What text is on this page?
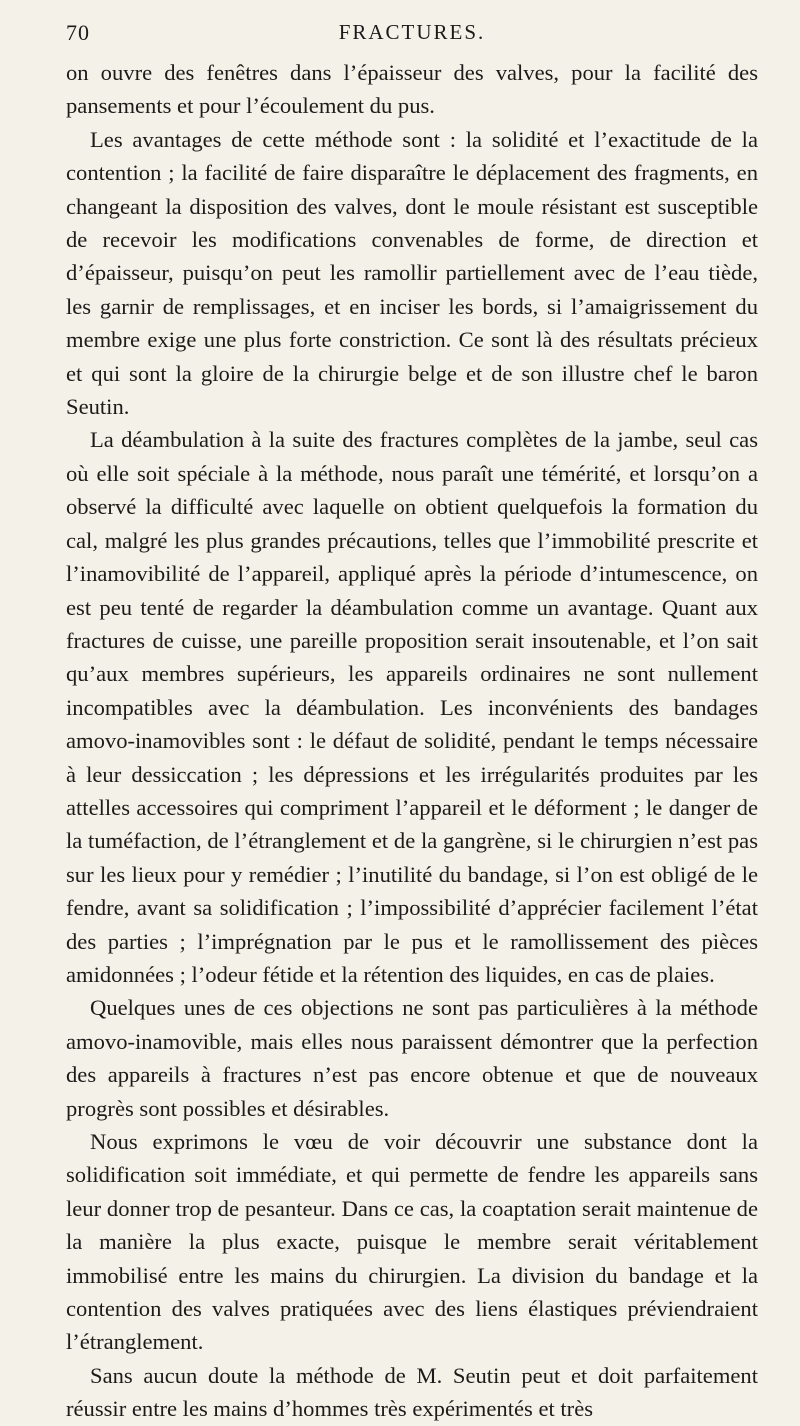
70	FRACTURES.

on ouvre des fenêtres dans l’épaisseur des valves, pour la facilité des pansements et pour l’écoulement du pus.

Les avantages de cette méthode sont : la solidité et l’exactitude de la contention ; la facilité de faire disparaître le déplacement des fragments, en changeant la disposition des valves, dont le moule résistant est susceptible de recevoir les modifications convenables de forme, de direction et d’épaisseur, puisqu’on peut les ramollir partiellement avec de l’eau tiède, les garnir de remplissages, et en inciser les bords, si l’amaigrissement du membre exige une plus forte constriction. Ce sont là des résultats précieux et qui sont la gloire de la chirurgie belge et de son illustre chef le baron Seutin.

La déambulation à la suite des fractures complètes de la jambe, seul cas où elle soit spéciale à la méthode, nous paraît une témérité, et lorsqu’on a observé la difficulté avec laquelle on obtient quelquefois la formation du cal, malgré les plus grandes précautions, telles que l’immobilité prescrite et l’inamovibilité de l’appareil, appliqué après la période d’intumescence, on est peu tenté de regarder la déambulation comme un avantage. Quant aux fractures de cuisse, une pareille proposition serait insoutenable, et l’on sait qu’aux membres supérieurs, les appareils ordinaires ne sont nullement incompatibles avec la déambulation. Les inconvénients des bandages amovo-inamovibles sont : le défaut de solidité, pendant le temps nécessaire à leur dessiccation ; les dépressions et les irrégularités produites par les attelles accessoires qui compriment l’appareil et le déforment ; le danger de la tuméfaction, de l’étranglement et de la gangrène, si le chirurgien n’est pas sur les lieux pour y remédier ; l’inutilité du bandage, si l’on est obligé de le fendre, avant sa solidification ; l’impossibilité d’apprécier facilement l’état des parties ; l’imprégnation par le pus et le ramollissement des pièces amidonnées ; l’odeur fétide et la rétention des liquides, en cas de plaies.

Quelques unes de ces objections ne sont pas particulières à la méthode amovo-inamovible, mais elles nous paraissent démontrer que la perfection des appareils à fractures n’est pas encore obtenue et que de nouveaux progrès sont possibles et désirables.

Nous exprimons le vœu de voir découvrir une substance dont la solidification soit immédiate, et qui permette de fendre les appareils sans leur donner trop de pesanteur. Dans ce cas, la coaptation serait maintenue de la manière la plus exacte, puisque le membre serait véritablement immobilisé entre les mains du chirurgien. La division du bandage et la contention des valves pratiquées avec des liens élastiques préviendraient l’étranglement.

Sans aucun doute la méthode de M. Seutin peut et doit parfaitement réussir entre les mains d’hommes très expérimentés et très
